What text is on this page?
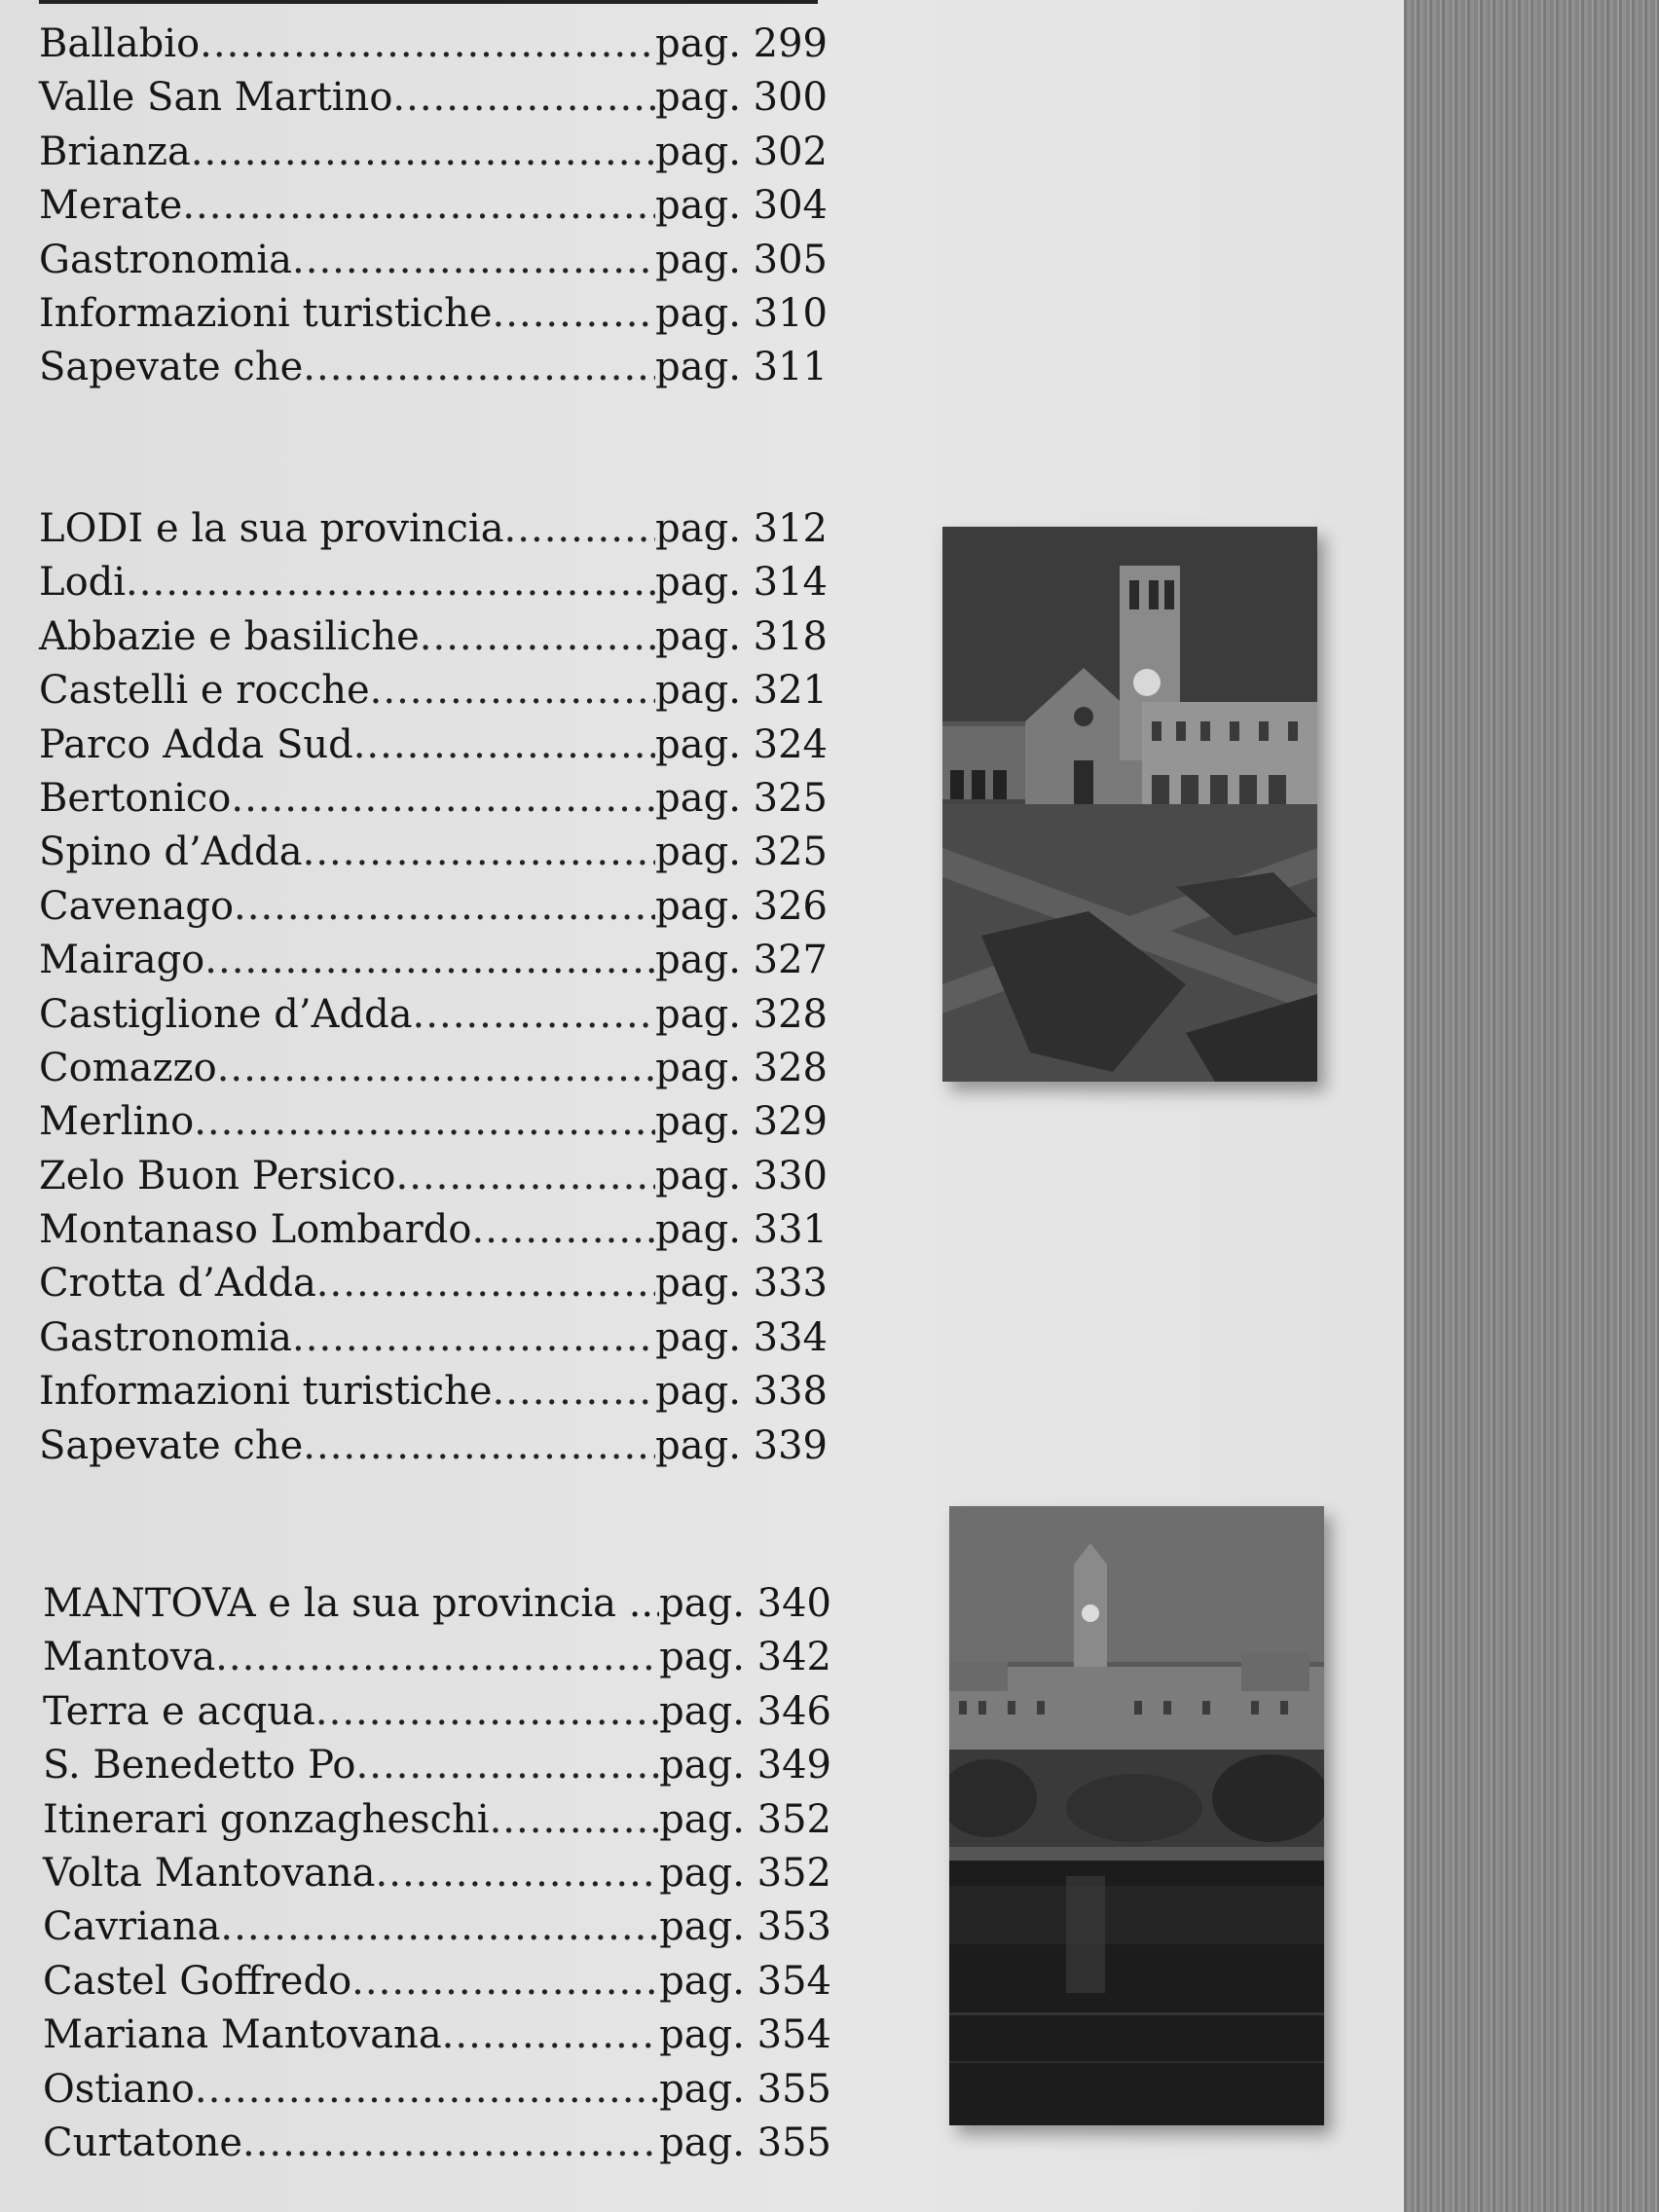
Ballabio .....	pag. 299
Valle San Martino .....	pag. 300
Brianza .....	pag. 302
Merate .....	pag. 304
Gastronomia .....	pag. 305
Informazioni turistiche .....	pag. 310
Sapevate che .....	pag. 311
LODI e la sua provincia .....	pag. 312
Lodi .....	pag. 314
Abbazie e basiliche .....	pag. 318
Castelli e rocche .....	pag. 321
Parco Adda Sud .....	pag. 324
Bertonico .....	pag. 325
Spino d’Adda .....	pag. 325
Cavenago .....	pag. 326
Mairago .....	pag. 327
Castiglione d’Adda .....	pag. 328
Comazzo .....	pag. 328
Merlino .....	pag. 329
Zelo Buon Persico .....	pag. 330
Montanaso Lombardo .....	pag. 331
Crotta d’Adda .....	pag. 333
Gastronomia .....	pag. 334
Informazioni turistiche .....	pag. 338
Sapevate che .....	pag. 339
MANTOVA e la sua provincia .. ..... pag. 340
Mantova .....	pag. 342
Terra e acqua .....	pag. 346
S. Benedetto Po .....	pag. 349
Itinerari gonzagheschi .....	pag. 352
Volta Mantovana .....	pag. 352
Cavriana .....	pag. 353
Castel Goffredo .....	pag. 354
Mariana Mantovana .....	pag. 354
Ostiano .....	pag. 355
Curtatone .....	pag. 355
